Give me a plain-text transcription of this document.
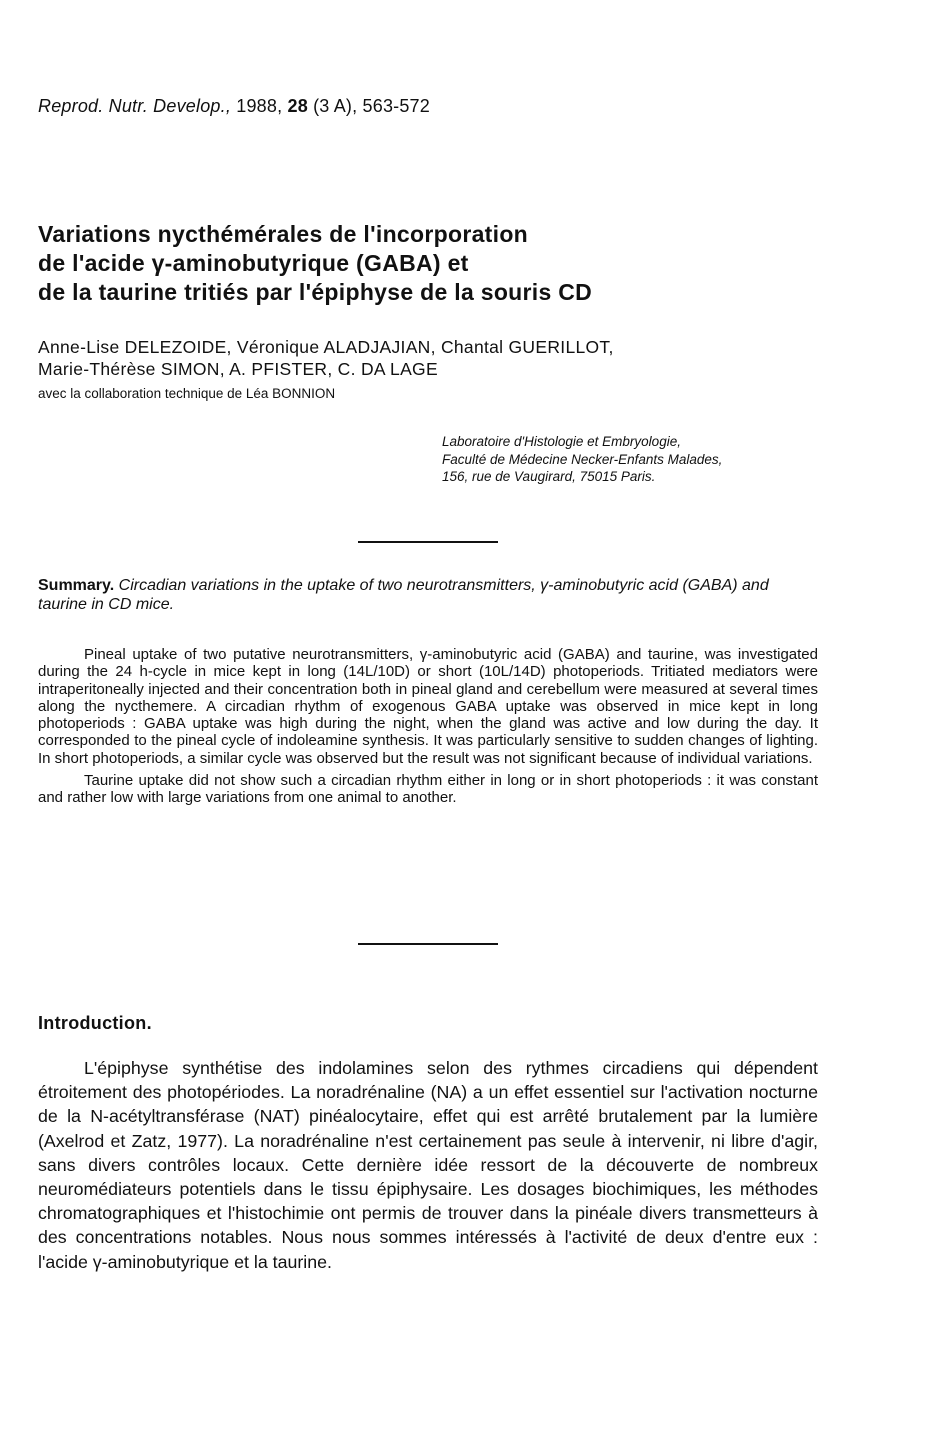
Reprod. Nutr. Develop., 1988, 28 (3 A), 563-572
Variations nycthémérales de l'incorporation
de l'acide γ-aminobutyrique (GABA) et
de la taurine tritiés par l'épiphyse de la souris CD
Anne-Lise DELEZOIDE, Véronique ALADJAJIAN, Chantal GUERILLOT,
Marie-Thérèse SIMON, A. PFISTER, C. DA LAGE
avec la collaboration technique de Léa BONNION
Laboratoire d'Histologie et Embryologie,
Faculté de Médecine Necker-Enfants Malades,
156, rue de Vaugirard, 75015 Paris.
Summary. Circadian variations in the uptake of two neurotransmitters, γ-aminobutyric acid (GABA) and taurine in CD mice.

Pineal uptake of two putative neurotransmitters, γ-aminobutyric acid (GABA) and taurine, was investigated during the 24 h-cycle in mice kept in long (14L/10D) or short (10L/14D) photoperiods. Tritiated mediators were intraperitoneally injected and their concentration both in pineal gland and cerebellum were measured at several times along the nycthemere. A circadian rhythm of exogenous GABA uptake was observed in mice kept in long photoperiods : GABA uptake was high during the night, when the gland was active and low during the day. It corresponded to the pineal cycle of indoleamine synthesis. It was particularly sensitive to sudden changes of lighting. In short photoperiods, a similar cycle was observed but the result was not significant because of individual variations.

Taurine uptake did not show such a circadian rhythm either in long or in short photoperiods : it was constant and rather low with large variations from one animal to another.

Introduction.

L'épiphyse synthétise des indolamines selon des rythmes circadiens qui dépendent étroitement des photopériodes. La noradrénaline (NA) a un effet essentiel sur l'activation nocturne de la N-acétyltransférase (NAT) pinéalocytaire, effet qui est arrêté brutalement par la lumière (Axelrod et Zatz, 1977). La noradrénaline n'est certainement pas seule à intervenir, ni libre d'agir, sans divers contrôles locaux. Cette dernière idée ressort de la découverte de nombreux neuromédiateurs potentiels dans le tissu épiphysaire. Les dosages biochimiques, les méthodes chromatographiques et l'histochimie ont permis de trouver dans la pinéale divers transmetteurs à des concentrations notables. Nous nous sommes intéressés à l'activité de deux d'entre eux : l'acide γ-aminobutyrique et la taurine.
